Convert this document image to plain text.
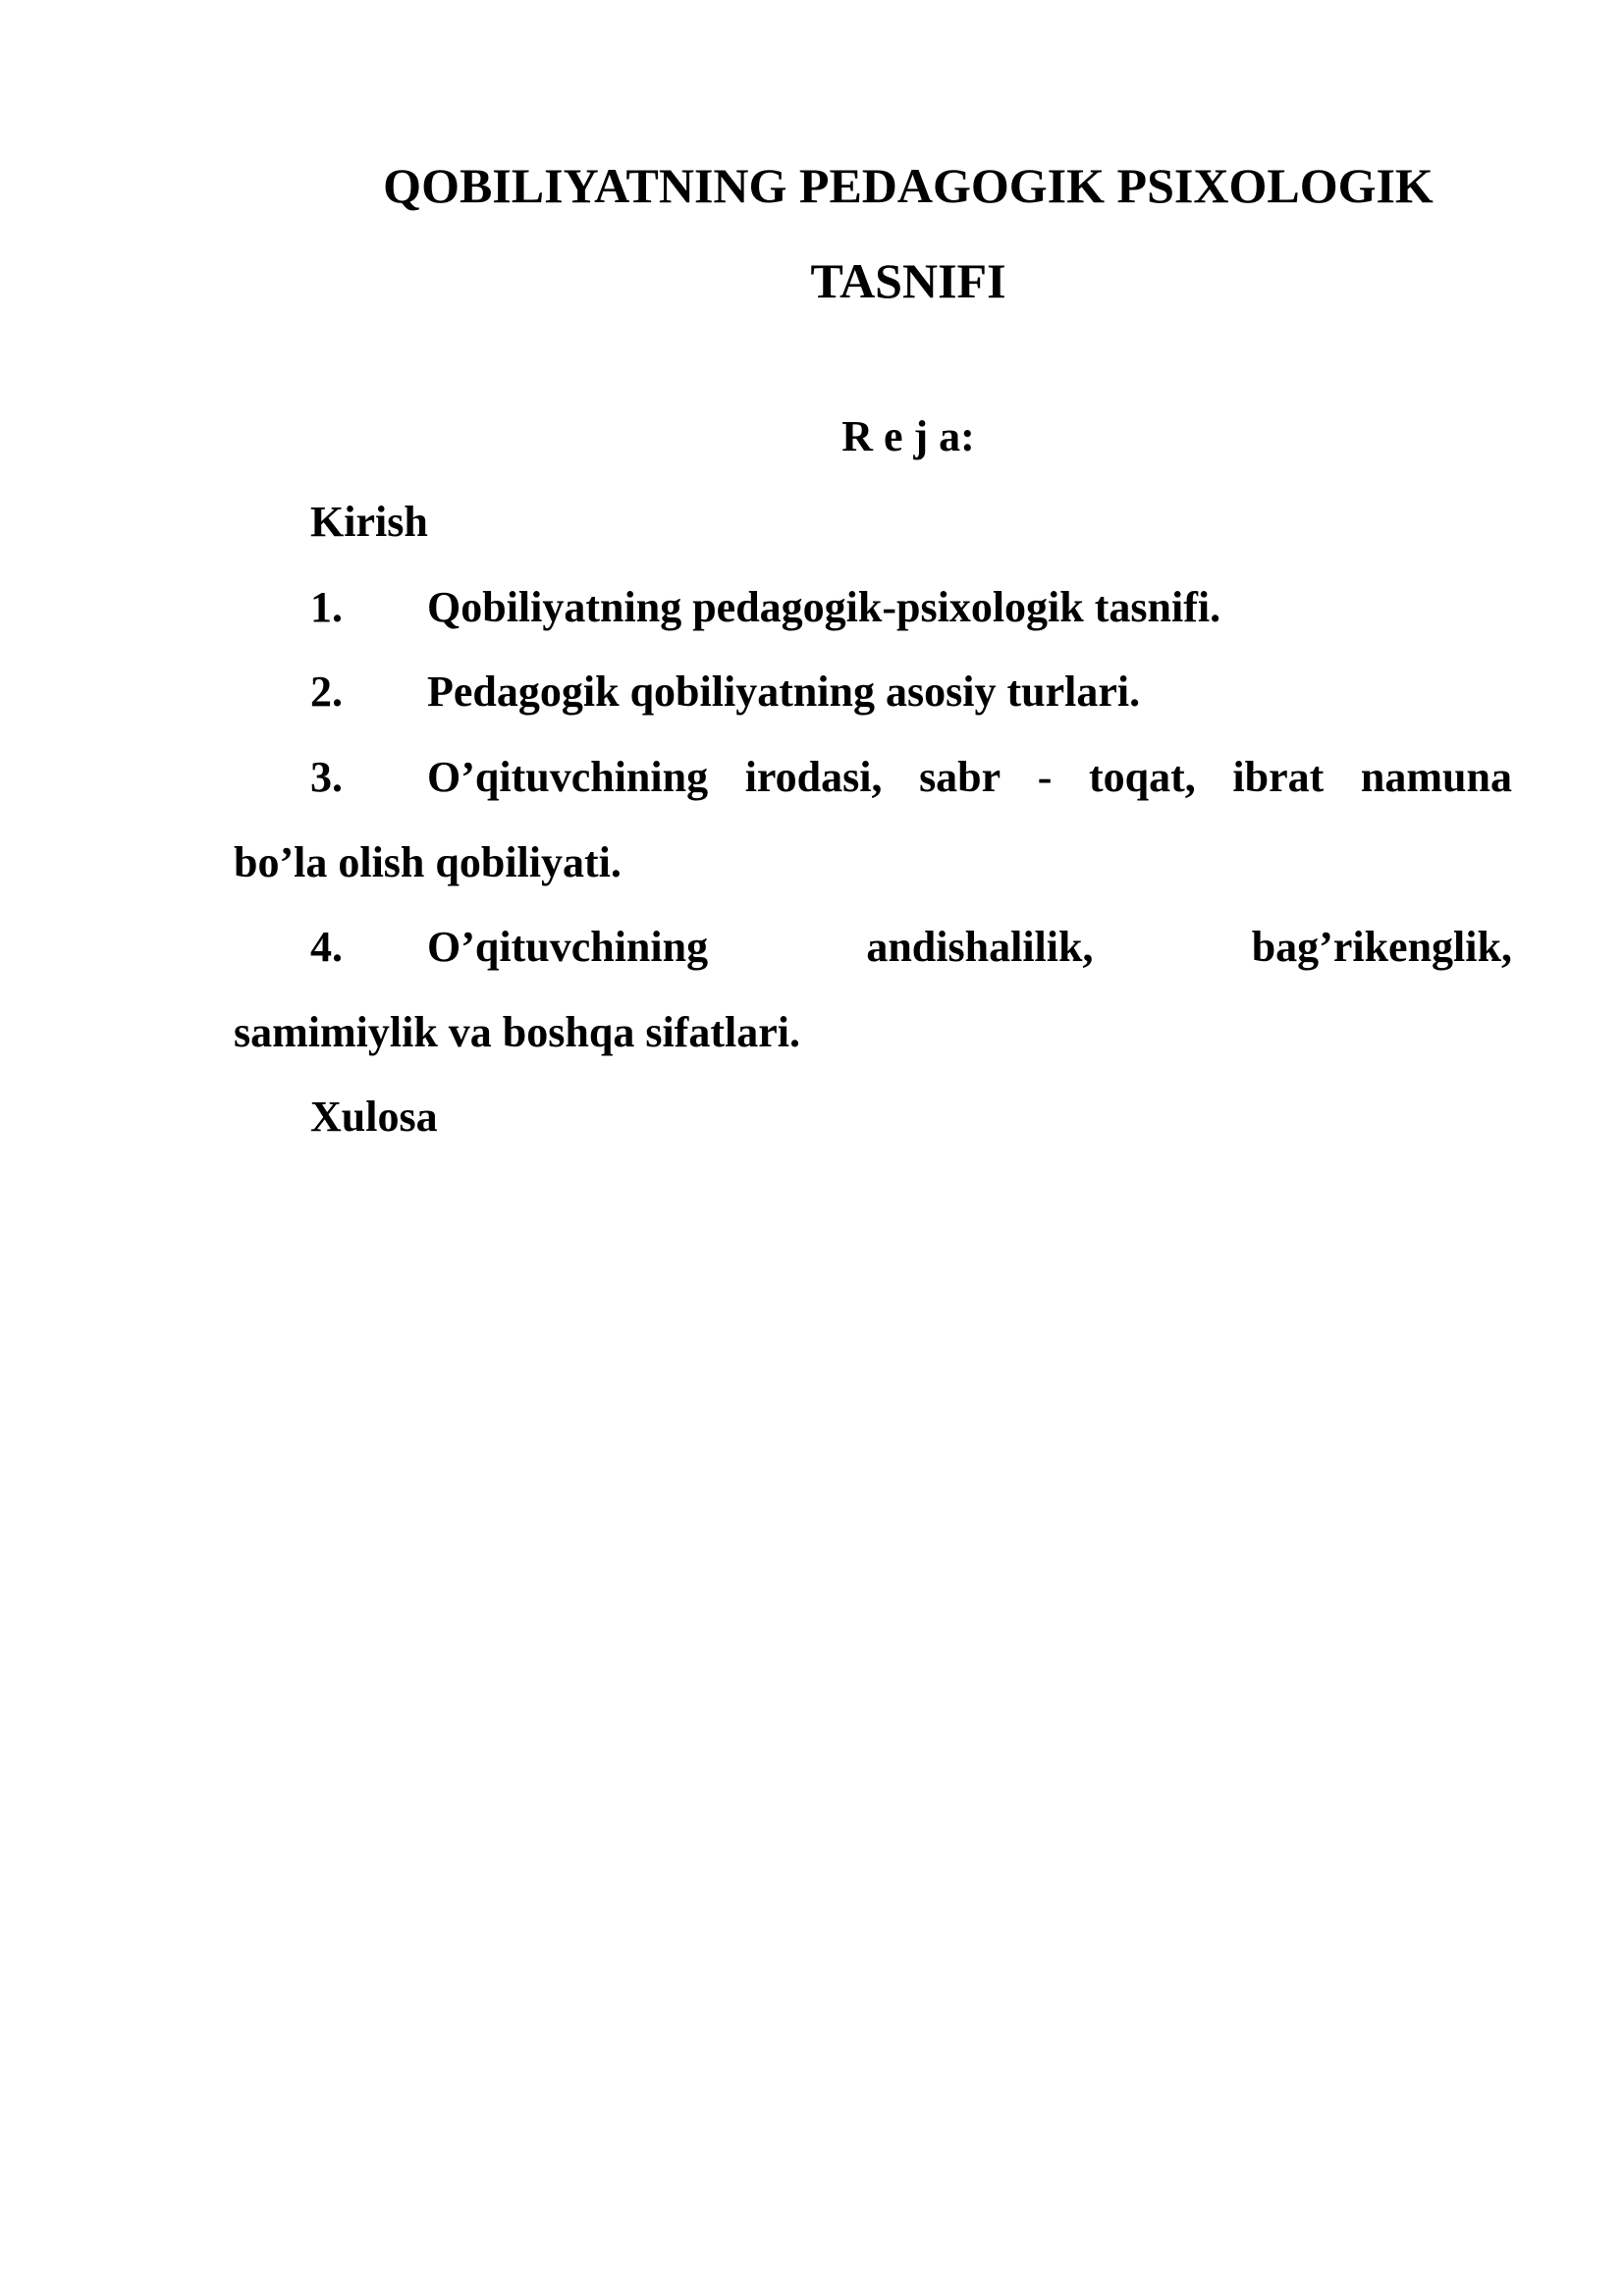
QOBILIYATNING PEDAGOGIK PSIXOLOGIK
TASNIFI
R e j a:
Kirish
1. Qobiliyatning pedagogik-psixologik tasnifi.
2. Pedagogik qobiliyatning asosiy turlari.
3. O’qituvchining irodasi, sabr - toqat, ibrat namuna
bo’la olish qobiliyati.
4. O’qituvchining	andishalilik,	bag’rikenglik,
samimiylik va boshqa sifatlari.
Xulosa
